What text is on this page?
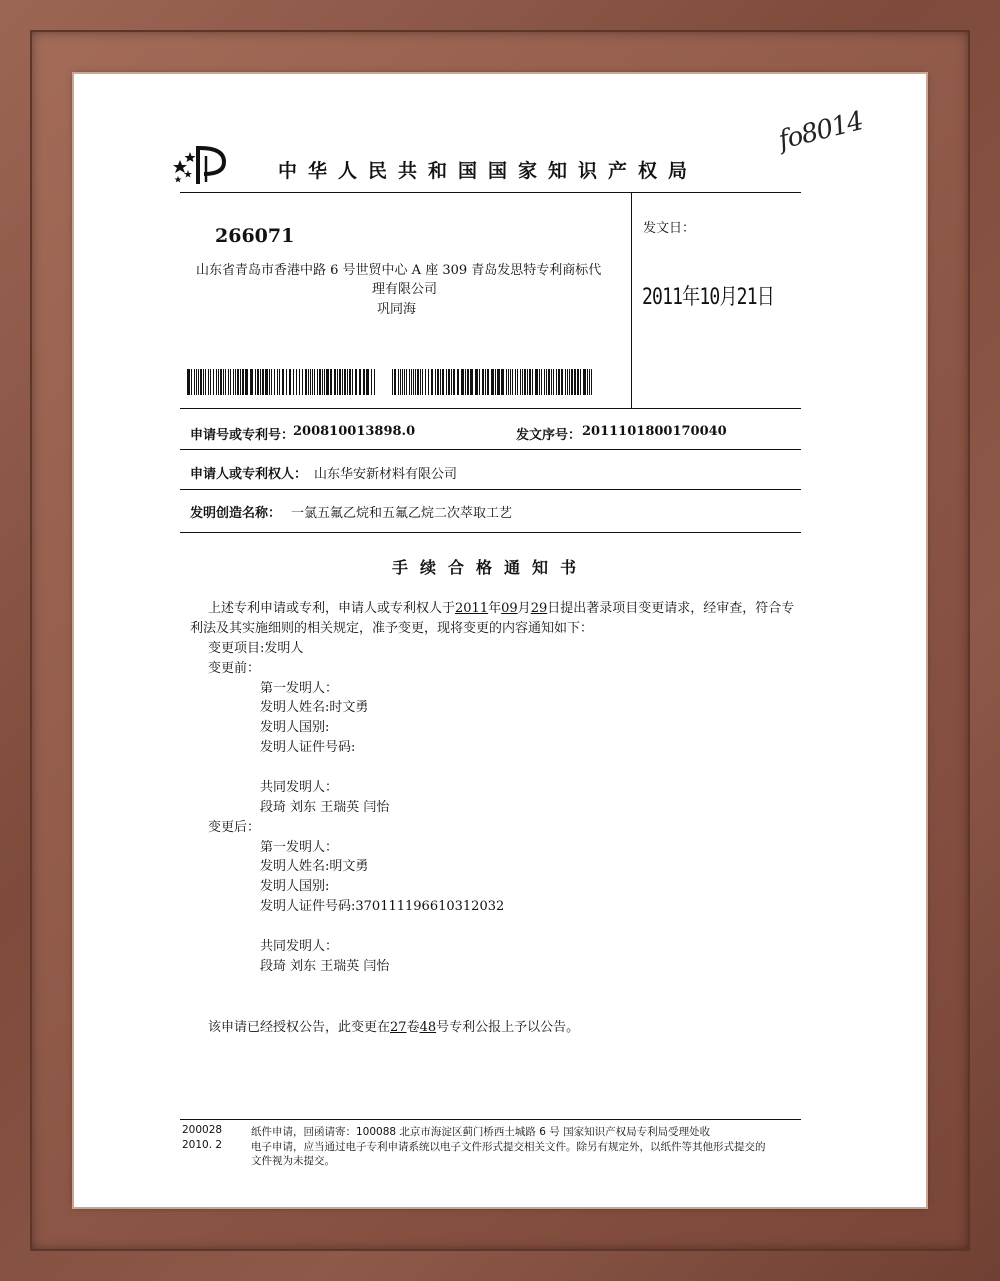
fo8014
中华人民共和国国家知识产权局
266071
山东省青岛市香港中路 6 号世贸中心 A 座 309 青岛发思特专利商标代
理有限公司
巩同海
发文日：
2011年10月21日
申请号或专利号：
200810013898.0	发文序号： 2011101800170040
申请人或专利权人： 山东华安新材料有限公司
发明创造名称： 一氯五氟乙烷和五氟乙烷二次萃取工艺
手续合格通知书
上述专利申请或专利，申请人或专利权人于2011年09月29日提出著录项目变更请求，经审查，符合专
利法及其实施细则的相关规定，准予变更，现将变更的内容通知如下：
变更项目:发明人
变更前：
第一发明人：
发明人姓名:时文勇
发明人国别:
发明人证件号码:
共同发明人：
段琦 刘东 王瑞英 闫怡
变更后：
第一发明人：
发明人姓名:明文勇
发明人国别:
发明人证件号码:370111196610312032
共同发明人：
段琦 刘东 王瑞英 闫怡
该申请已经授权公告，此变更在27卷48号专利公报上予以公告。
200028
2010. 2
纸件申请，回函请寄：100088 北京市海淀区蓟门桥西土城路 6 号 国家知识产权局专利局受理处收
电子申请，应当通过电子专利申请系统以电子文件形式提交相关文件。除另有规定外，以纸件等其他形式提交的
文件视为未提交。
